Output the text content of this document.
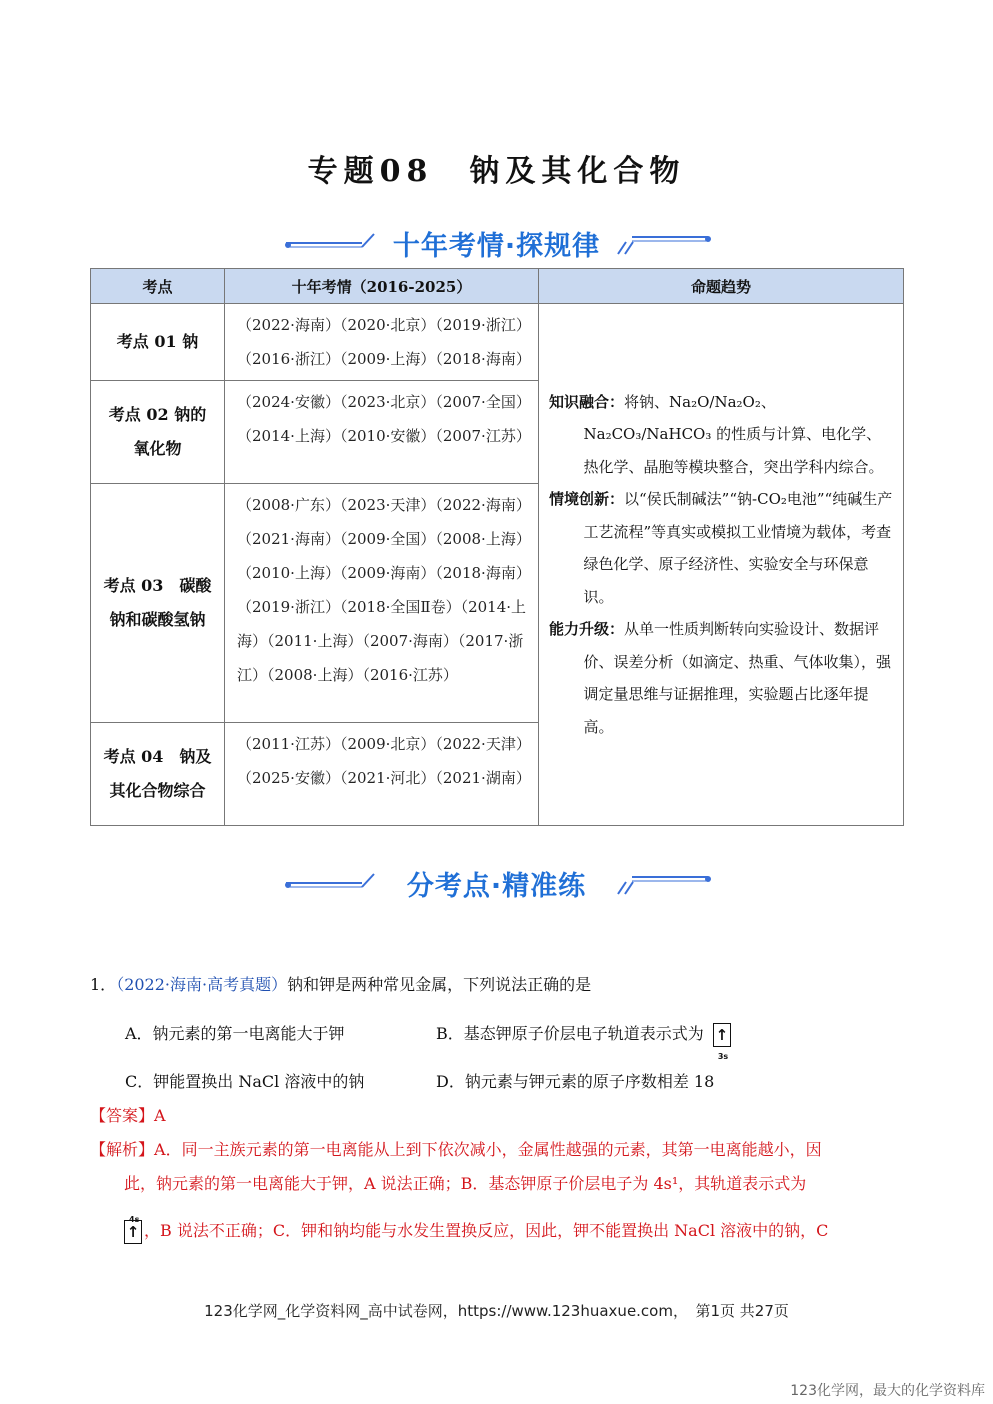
专题08　钠及其化合物
十年考情·探规律
考点	十年考情（2016-2025）	命题趋势
考点 01 钠	（2022·海南）（2020·北京）（2019·浙江）（2016·浙江）（2009·上海）（2018·海南）	知识融合：将钠、Na₂O/Na₂O₂、Na₂CO₃/NaHCO₃ 的性质与计算、电化学、热化学、晶胞等模块整合，突出学科内综合。

情境创新：以“侯氏制碱法”“钠-CO₂电池”“纯碱生产工艺流程”等真实或模拟工业情境为载体，考查绿色化学、原子经济性、实验安全与环保意识。

能力升级：从单一性质判断转向实验设计、数据评价、误差分析（如滴定、热重、气体收集），强调定量思维与证据推理，实验题占比逐年提高。

考点 02 钠的氧化物	（2024·安徽）（2023·北京）（2007·全国）（2014·上海）（2010·安徽）（2007·江苏）	
考点 03　碳酸钠和碳酸氢钠	（2008·广东）（2023·天津）（2022·海南）（2021·海南）（2009·全国）（2008·上海）（2010·上海）（2009·海南）（2018·海南）（2019·浙江）（2018·全国Ⅱ卷）（2014·上海）（2011·上海）（2007·海南）（2017·浙江）（2008·上海）（2016·江苏）	
考点 04　钠及其化合物综合	（2011·江苏）（2009·北京）（2022·天津）（2025·安徽）（2021·河北）（2021·湖南）	
分考点·精准练
1．（2022·海南·高考真题）钠和钾是两种常见金属，下列说法正确的是
A．钠元素的第一电离能大于钾	B．基态钾原子价层电子轨道表示式为 ↑
3s
C．钾能置换出 NaCl 溶液中的钠	D．钠元素与钾元素的原子序数相差 18
【答案】A
【解析】A．同一主族元素的第一电离能从上到下依次减小，金属性越强的元素，其第一电离能越小，因
此，钠元素的第一电离能大于钾，A 说法正确；B．基态钾原子价层电子为 4s¹，其轨道表示式为
↑
4s
，B 说法不正确；C．钾和钠均能与水发生置换反应，因此，钾不能置换出 NaCl 溶液中的钠，C
123化学网_化学资料网_高中试卷网，https://www.123huaxue.com，　第1页 共27页
123化学网，最大的化学资料库
